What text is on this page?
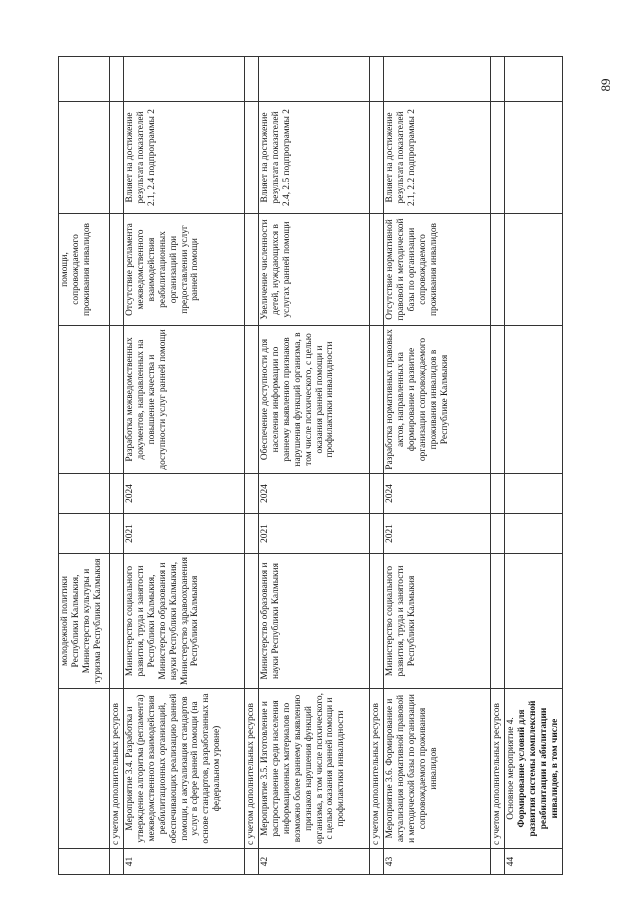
		молодежной политики Республики Калмыкия, Министерство культуры и туризма Республики Калмыкия				помощи, сопровождаемого проживания инвалидов		
	с учетом дополнительных ресурсов							
41	Мероприятие 3.4. Разработка и утверждение алгоритма (регламента) межведомственного взаимодействия реабилитационных организаций, обеспечивающих реализацию ранней помощи, и актуализация стандартов услуг в сфере ранней помощи (на основе стандартов, разработанных на федеральном уровне)	Министерство социального развития, труда и занятости Республики Калмыкия, Министерство образования и науки Республики Калмыкия, Министерство здравоохранения Республики Калмыкия	2021	2024	Разработка межведомственных документов, направленных на повышение качества и доступности услуг ранней помощи	Отсутствие регламента межведомственного взаимодействия реабилитационных организаций при предоставлении услуг ранней помощи	Влияет на достижение результата показателей 2.1, 2.4 подпрограммы 2	
	с учетом дополнительных ресурсов							
42	Мероприятие 3.5. Изготовление и распространение среди населения информационных материалов по возможно более раннему выявлению признаков нарушения функций организма, в том числе психического, с целью оказания ранней помощи и профилактики инвалидности	Министерство образования и науки Республики Калмыкия	2021	2024	Обеспечение доступности для населения информации по раннему выявлению признаков нарушения функций организма, в том числе психического, с целью оказания ранней помощи и профилактики инвалидности	Увеличение численности детей, нуждающихся в услугах ранней помощи	Влияет на достижение результата показателей 2.4, 2.5 подпрограммы 2	
	с учетом дополнительных ресурсов							
43	Мероприятие 3.6. Формирование и актуализация нормативной правовой и методической базы по организации сопровождаемого проживания инвалидов	Министерство социального развития, труда и занятости Республики Калмыкия	2021	2024	Разработка нормативных правовых актов, направленных на формирование и развитие организации сопровождаемого проживания инвалидов в Республике Калмыкия	Отсутствие нормативной правовой и методической базы по организации сопровождаемого проживания инвалидов	Влияет на достижение результата показателей 2.1, 2.2 подпрограммы 2	
	с учетом дополнительных ресурсов							
44	Основное мероприятие 4. Формирование условий для развития системы комплексной реабилитации и абилитации инвалидов, в том числе							

89
